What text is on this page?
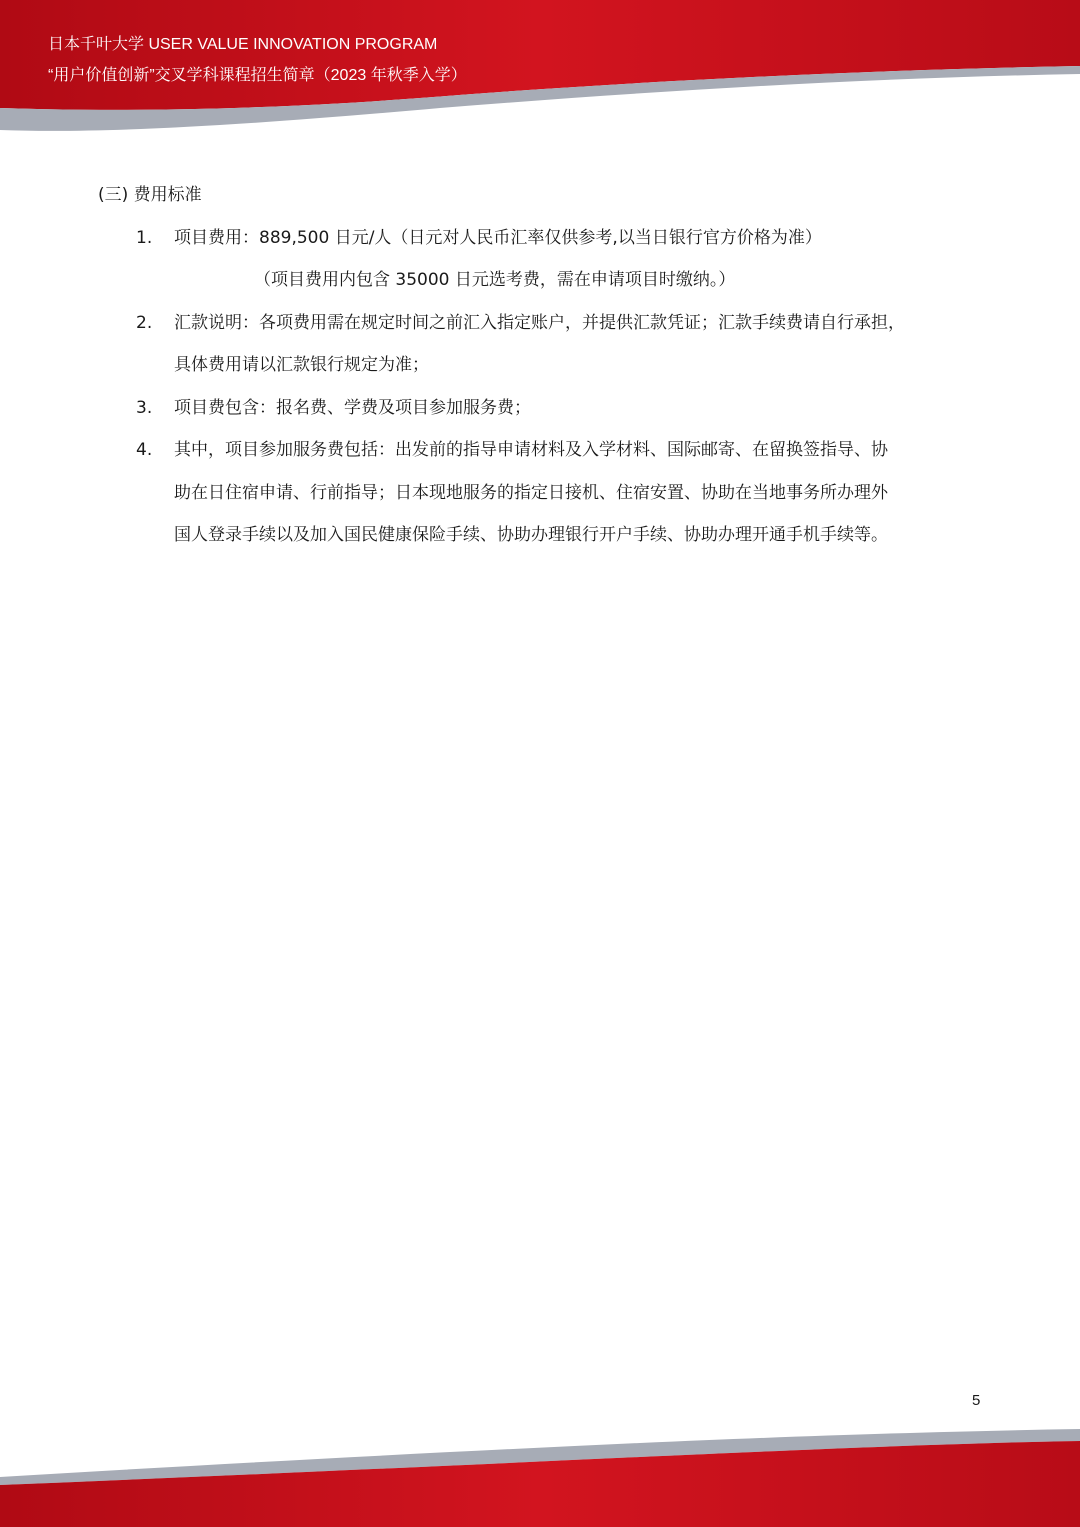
日本千叶大学 USER VALUE INNOVATION PROGRAM
“用户价值创新”交叉学科课程招生简章（2023 年秋季入学）
(三) 费用标准
1. 项目费用：889,500 日元/人（日元对人民币汇率仅供参考,以当日银行官方价格为准）
（项目费用内包含 35000 日元选考费，需在申请项目时缴纳。）
2. 汇款说明：各项费用需在规定时间之前汇入指定账户，并提供汇款凭证；汇款手续费请自行承担，
具体费用请以汇款银行规定为准；
3. 项目费包含：报名费、学费及项目参加服务费；
4. 其中，项目参加服务费包括：出发前的指导申请材料及入学材料、国际邮寄、在留换签指导、协
助在日住宿申请、行前指导；日本现地服务的指定日接机、住宿安置、协助在当地事务所办理外
国人登录手续以及加入国民健康保险手续、协助办理银行开户手续、协助办理开通手机手续等。
5
